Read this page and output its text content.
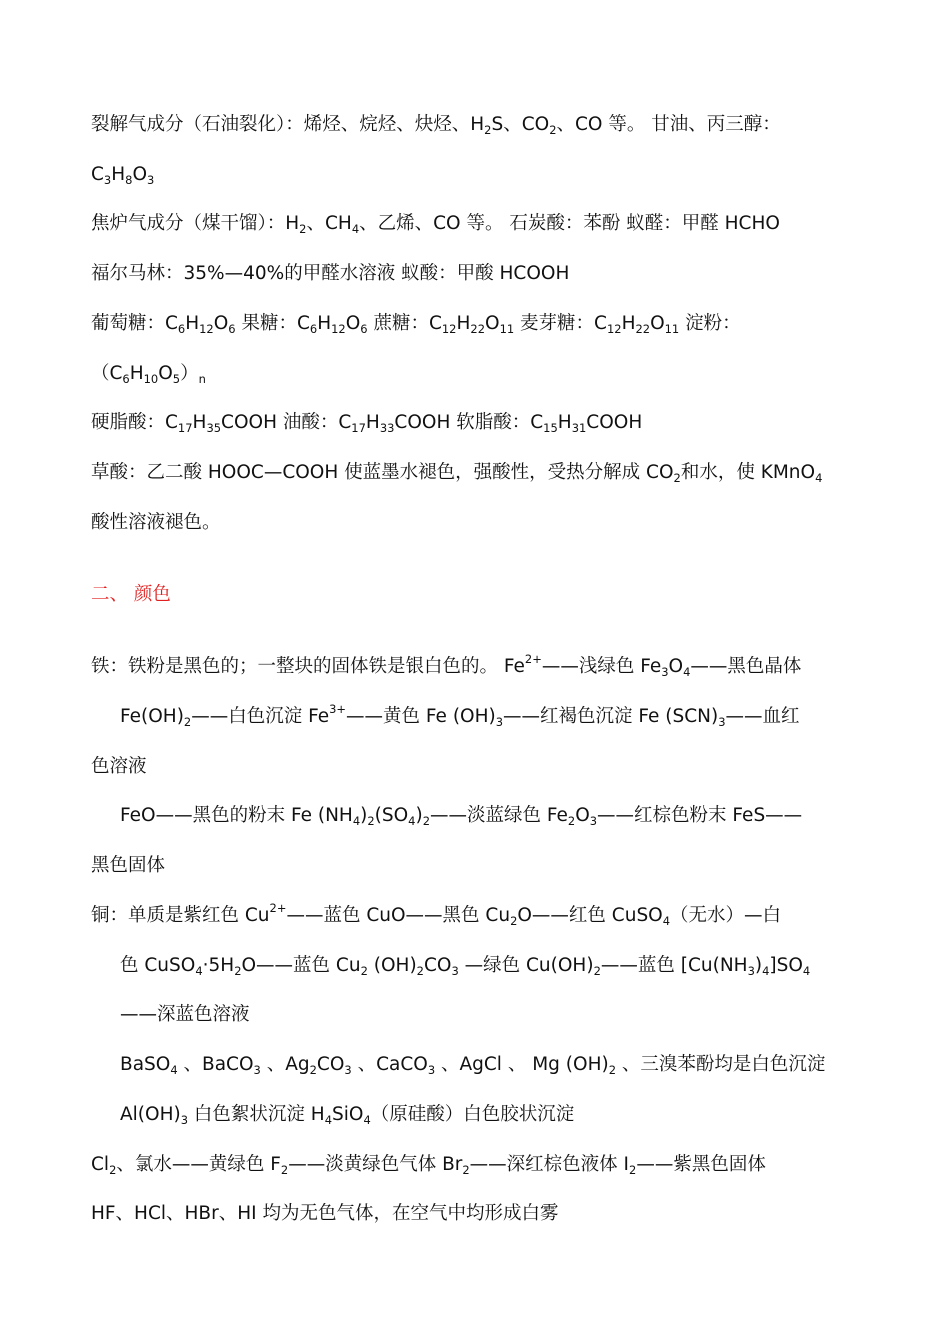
裂解气成分（石油裂化）：烯烃、烷烃、炔烃、$H_2S$、$CO_2$、CO 等。 甘油、丙三醇：
$C_3H_8O_3$
焦炉气成分（煤干馏）：$H_2$、$CH_4$、乙烯、CO 等。 石炭酸：苯酚 蚁醛：甲醛 HCHO
福尔马林：35%—40%的甲醛水溶液 蚁酸：甲酸 HCOOH
葡萄糖：$C_6H_{12}O_6$ 果糖：$C_6H_{12}O_6$ 蔗糖：$C_{12}H_{22}O_{11}$ 麦芽糖：$C_{12}H_{22}O_{11}$ 淀粉：
$(C_6H_{10}O_5)_n$
硬脂酸：$C_{17}H_{35}COOH$ 油酸：$C_{17}H_{33}COOH$ 软脂酸：$C_{15}H_{31}COOH$
草酸：乙二酸 HOOC—COOH 使蓝墨水褪色，强酸性，受热分解成 $CO_2$和水，使 KMnO$_4$
酸性溶液褪色。
二、 颜色
铁：铁粉是黑色的；一整块的固体铁是银白色的。 $Fe^{2+}——$浅绿色 $Fe_3O_4——$黑色晶体
$Fe(OH)_2——$白色沉淀 $Fe^{3+}——$黄色 Fe $(OH)_3——$红褐色沉淀 Fe $(SCN)_3——$血红
色溶液
FeO——黑色的粉末 Fe $(NH_4)_2(SO_4)_2——$淡蓝绿色 $Fe_2O_3——$红棕色粉末 FeS——
黑色固体
铜：单质是紫红色 $Cu^{2+}——$蓝色 CuO——黑色 $Cu_2O——$红色 CuSO$_4$（无水）—白
色 $CuSO_4\cdot 5H_2O——$蓝色 $Cu_2$ $(OH)_2CO_3$ —绿色 $Cu(OH)_2——$蓝色 $[Cu(NH_3)_4]SO_4$
——深蓝色溶液
BaSO$_4$ 、BaCO$_3$ 、$Ag_2CO_3$ 、CaCO$_3$ 、AgCl 、 Mg $(OH)_2$ 、三溴苯酚均是白色沉淀
$Al(OH)_3$ 白色絮状沉淀 $H_4SiO_4$（原硅酸）白色胶状沉淀
$Cl_2$、氯水——黄绿色 $F_2——$淡黄绿色气体 $Br_2——$深红棕色液体 $I_2——$紫黑色固体
HF、HCl、HBr、HI 均为无色气体，在空气中均形成白雾
